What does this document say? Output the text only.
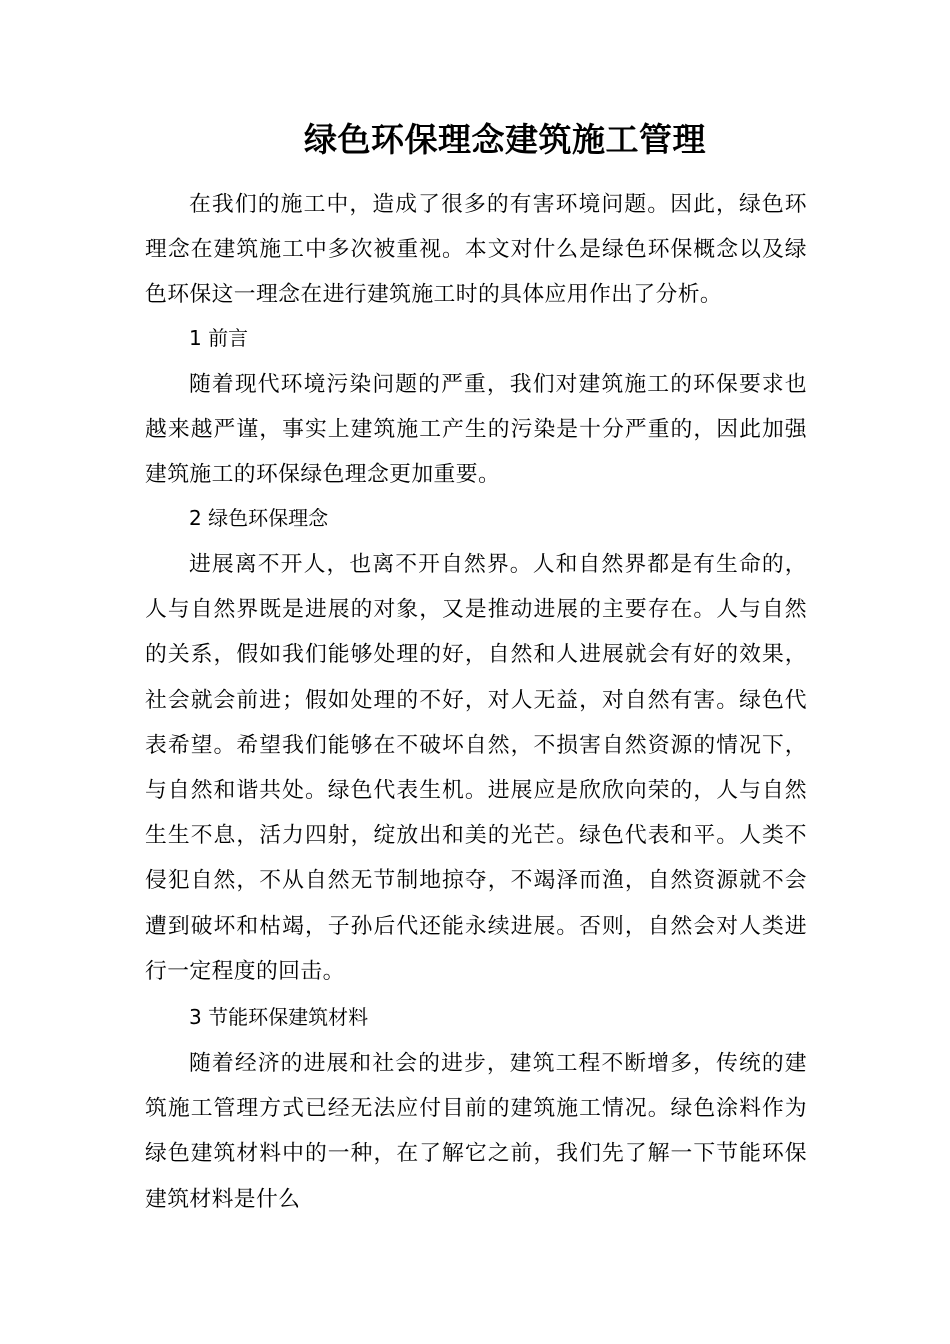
绿色环保理念建筑施工管理

在我们的施工中，造成了很多的有害环境问题。因此，绿色环理念在建筑施工中多次被重视。本文对什么是绿色环保概念以及绿色环保这一理念在进行建筑施工时的具体应用作出了分析。

1 前言

随着现代环境污染问题的严重，我们对建筑施工的环保要求也越来越严谨，事实上建筑施工产生的污染是十分严重的，因此加强建筑施工的环保绿色理念更加重要。

2 绿色环保理念

进展离不开人，也离不开自然界。人和自然界都是有生命的，人与自然界既是进展的对象，又是推动进展的主要存在。人与自然的关系，假如我们能够处理的好，自然和人进展就会有好的效果，社会就会前进；假如处理的不好，对人无益，对自然有害。绿色代表希望。希望我们能够在不破坏自然，不损害自然资源的情况下，与自然和谐共处。绿色代表生机。进展应是欣欣向荣的，人与自然生生不息，活力四射，绽放出和美的光芒。绿色代表和平。人类不侵犯自然，不从自然无节制地掠夺，不竭泽而渔，自然资源就不会遭到破坏和枯竭，子孙后代还能永续进展。否则，自然会对人类进行一定程度的回击。

3 节能环保建筑材料

随着经济的进展和社会的进步，建筑工程不断增多，传统的建筑施工管理方式已经无法应付目前的建筑施工情况。绿色涂料作为绿色建筑材料中的一种，在了解它之前，我们先了解一下节能环保建筑材料是什么
